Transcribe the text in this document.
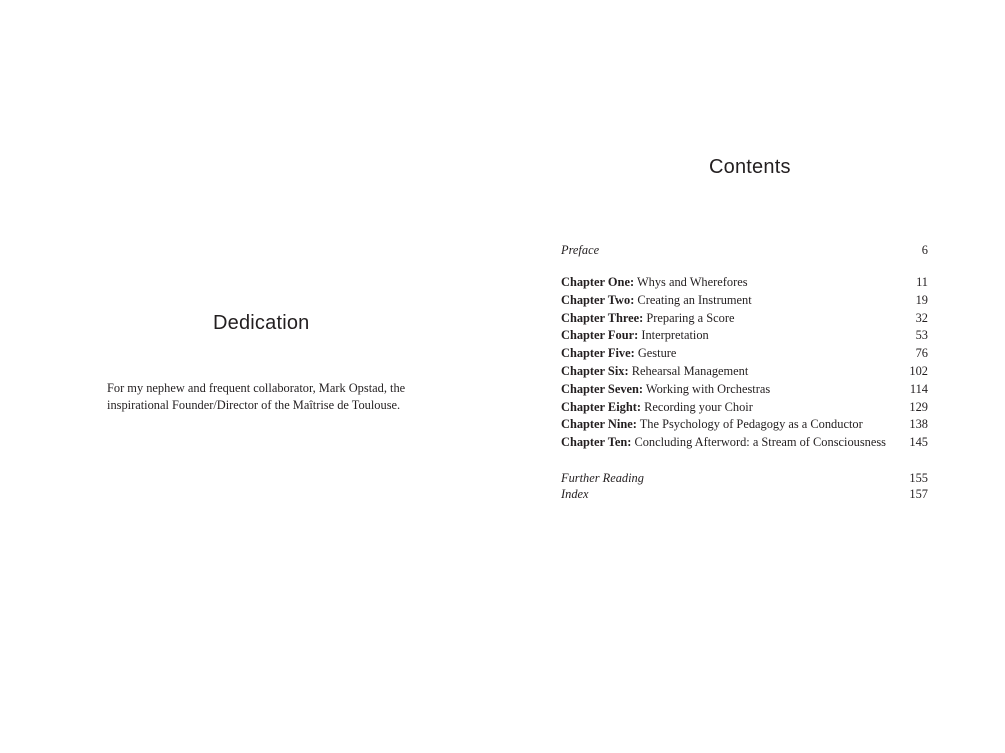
Dedication
For my nephew and frequent collaborator, Mark Opstad, the
inspirational Founder/Director of the Maîtrise de Toulouse.
Contents
Preface	6
Chapter One: Whys and Wherefores	11
Chapter Two: Creating an Instrument	19
Chapter Three: Preparing a Score	32
Chapter Four: Interpretation	53
Chapter Five: Gesture	76
Chapter Six: Rehearsal Management	102
Chapter Seven: Working with Orchestras	114
Chapter Eight: Recording your Choir	129
Chapter Nine: The Psychology of Pedagogy as a Conductor	138
Chapter Ten: Concluding Afterword: a Stream of Consciousness 145
Further Reading	155
Index	157
